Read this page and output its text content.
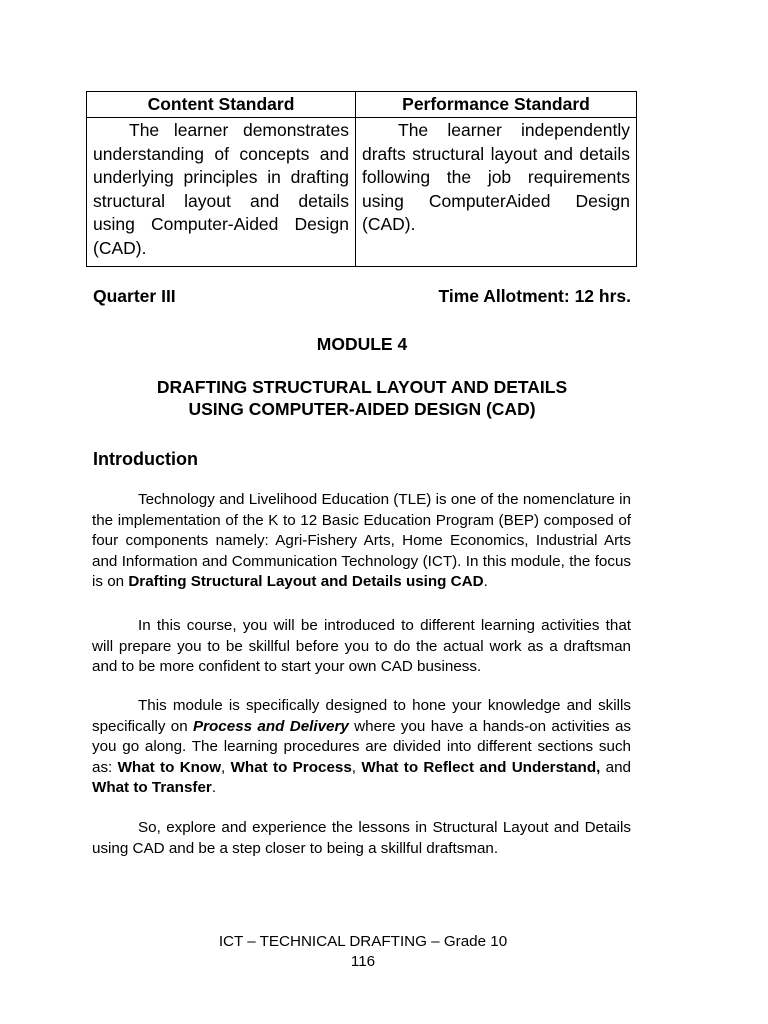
Content Standard	Performance Standard
The learner demonstrates understanding of concepts and underlying principles in drafting structural layout and details using Computer-Aided Design (CAD).	The learner independently drafts structural layout and details following the job requirements using ComputerAided Design (CAD).
Quarter III	Time Allotment: 12 hrs.
MODULE 4
DRAFTING STRUCTURAL LAYOUT AND DETAILS
USING COMPUTER-AIDED DESIGN (CAD)
Introduction
Technology and Livelihood Education (TLE) is one of the nomenclature in the implementation of the K to 12 Basic Education Program (BEP) composed of four components namely: Agri-Fishery Arts, Home Economics, Industrial Arts and Information and Communication Technology (ICT). In this module, the focus is on Drafting Structural Layout and Details using CAD.
In this course, you will be introduced to different learning activities that will prepare you to be skillful before you to do the actual work as a draftsman and to be more confident to start your own CAD business.
This module is specifically designed to hone your knowledge and skills specifically on Process and Delivery where you have a hands-on activities as you go along. The learning procedures are divided into different sections such as: What to Know, What to Process, What to Reflect and Understand, and What to Transfer.
So, explore and experience the lessons in Structural Layout and Details using CAD and be a step closer to being a skillful draftsman.
ICT – TECHNICAL DRAFTING – Grade 10
116
